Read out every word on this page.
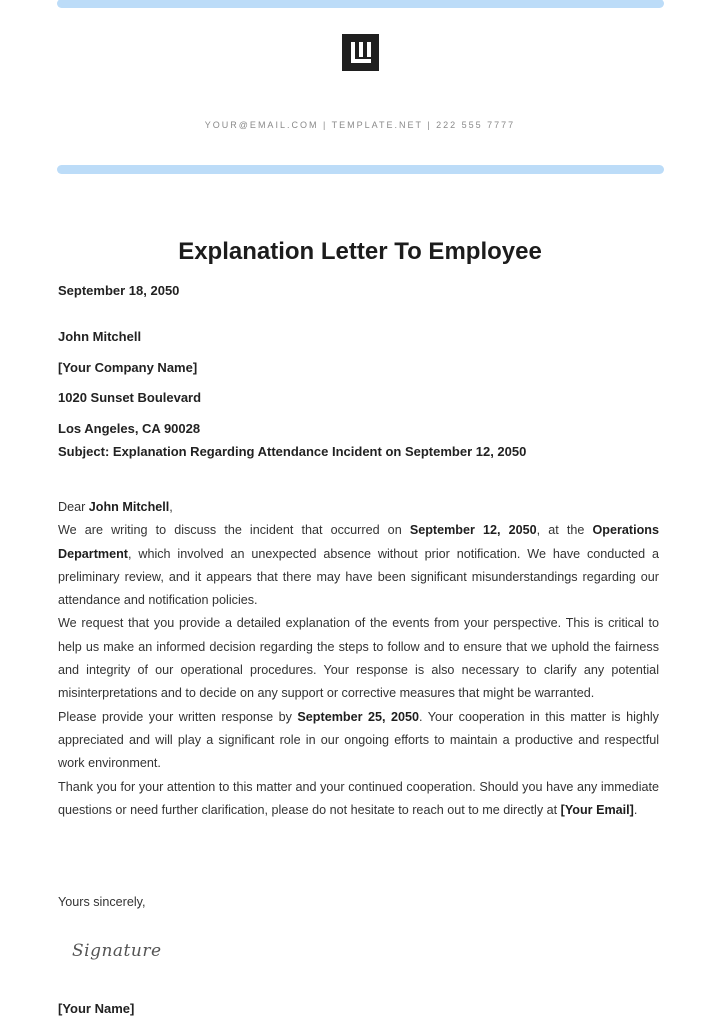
YOUR@EMAIL.COM | TEMPLATE.NET | 222 555 7777
Explanation Letter To Employee
September 18, 2050
John Mitchell
[Your Company Name]
1020 Sunset Boulevard
Los Angeles, CA 90028
Subject: Explanation Regarding Attendance Incident on September 12, 2050

Dear John Mitchell,

We are writing to discuss the incident that occurred on September 12, 2050, at the Operations Department, which involved an unexpected absence without prior notification. We have conducted a preliminary review, and it appears that there may have been significant misunderstandings regarding our attendance and notification policies.

We request that you provide a detailed explanation of the events from your perspective. This is critical to help us make an informed decision regarding the steps to follow and to ensure that we uphold the fairness and integrity of our operational procedures. Your response is also necessary to clarify any potential misinterpretations and to decide on any support or corrective measures that might be warranted.

Please provide your written response by September 25, 2050. Your cooperation in this matter is highly appreciated and will play a significant role in our ongoing efforts to maintain a productive and respectful work environment.

Thank you for your attention to this matter and your continued cooperation. Should you have any immediate questions or need further clarification, please do not hesitate to reach out to me directly at [Your Email].

Yours sincerely,
Signature
[Your Name]
